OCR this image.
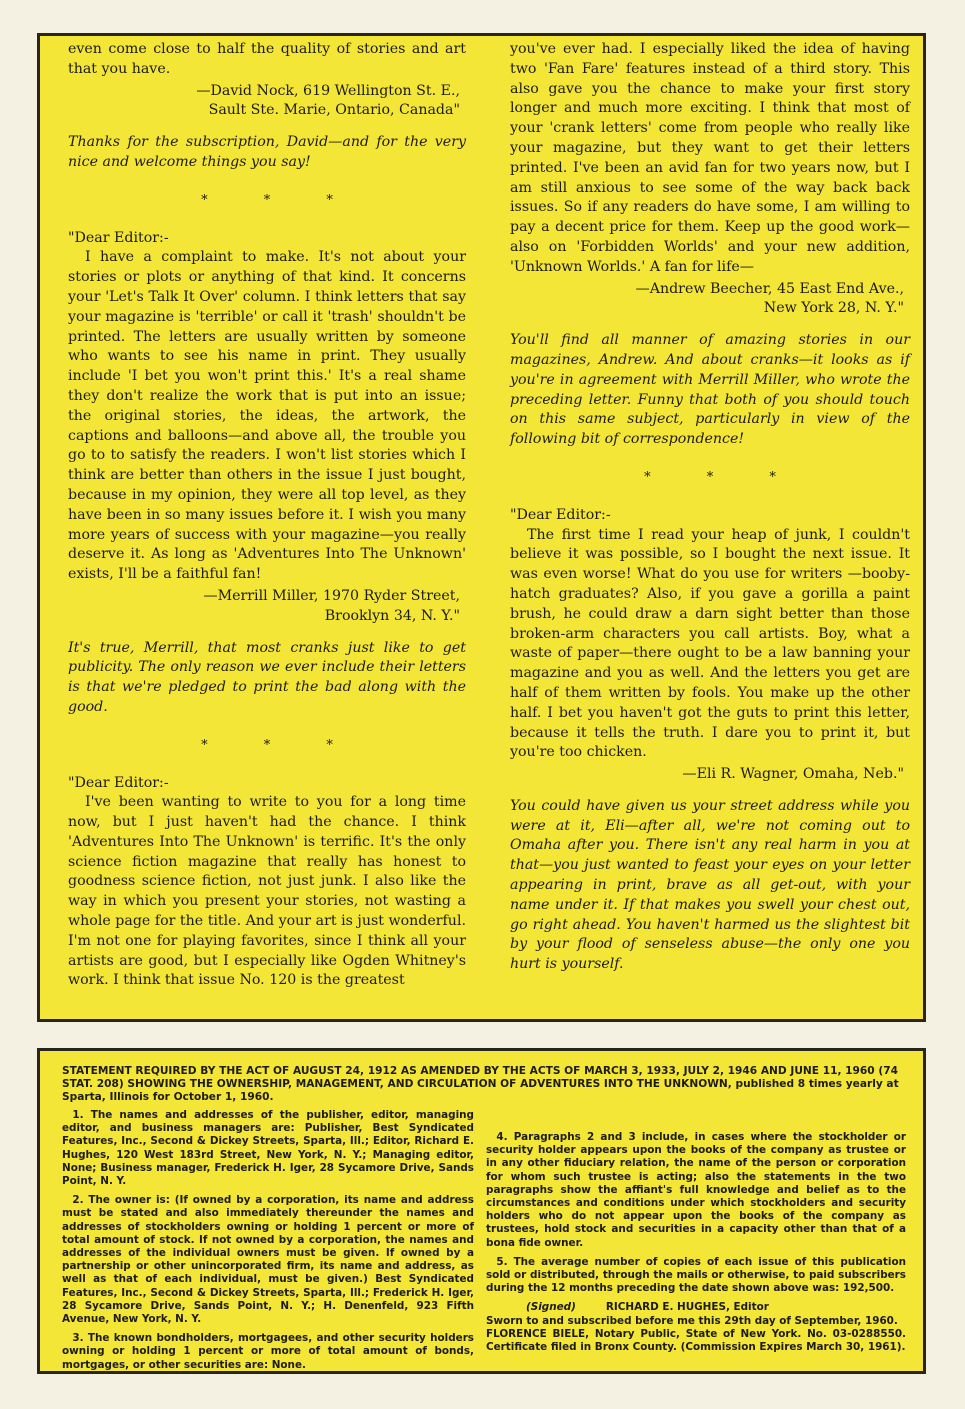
even come close to half the quality of stories and art that you have.

—David Nock, 619 Wellington St. E.,
Sault Ste. Marie, Ontario, Canada"

Thanks for the subscription, David—and for the very nice and welcome things you say!

* * *

"Dear Editor:-

I have a complaint to make. It's not about your stories or plots or anything of that kind. It concerns your 'Let's Talk It Over' column. I think letters that say your magazine is 'terrible' or call it 'trash' shouldn't be printed. The letters are usually written by someone who wants to see his name in print. They usually include 'I bet you won't print this.' It's a real shame they don't realize the work that is put into an issue; the original stories, the ideas, the artwork, the captions and balloons—and above all, the trouble you go to to satisfy the readers. I won't list stories which I think are better than others in the issue I just bought, because in my opinion, they were all top level, as they have been in so many issues before it. I wish you many more years of success with your magazine—you really deserve it. As long as 'Adventures Into The Unknown' exists, I'll be a faithful fan!

—Merrill Miller, 1970 Ryder Street,
Brooklyn 34, N. Y."

It's true, Merrill, that most cranks just like to get publicity. The only reason we ever include their letters is that we're pledged to print the bad along with the good.

* * *

"Dear Editor:-

I've been wanting to write to you for a long time now, but I just haven't had the chance. I think 'Adventures Into The Unknown' is terrific. It's the only science fiction magazine that really has honest to goodness science fiction, not just junk. I also like the way in which you present your stories, not wasting a whole page for the title. And your art is just wonderful. I'm not one for playing favorites, since I think all your artists are good, but I especially like Ogden Whitney's work. I think that issue No. 120 is the greatest

you've ever had. I especially liked the idea of having two 'Fan Fare' features instead of a third story. This also gave you the chance to make your first story longer and much more exciting. I think that most of your 'crank letters' come from people who really like your magazine, but they want to get their letters printed. I've been an avid fan for two years now, but I am still anxious to see some of the way back back issues. So if any readers do have some, I am willing to pay a decent price for them. Keep up the good work—also on 'Forbidden Worlds' and your new addition, 'Unknown Worlds.' A fan for life—

—Andrew Beecher, 45 East End Ave.,
New York 28, N. Y."

You'll find all manner of amazing stories in our magazines, Andrew. And about cranks—it looks as if you're in agreement with Merrill Miller, who wrote the preceding letter. Funny that both of you should touch on this same subject, particularly in view of the following bit of correspondence!

* * *

"Dear Editor:-

The first time I read your heap of junk, I couldn't believe it was possible, so I bought the next issue. It was even worse! What do you use for writers —booby-hatch graduates? Also, if you gave a gorilla a paint brush, he could draw a darn sight better than those broken-arm characters you call artists. Boy, what a waste of paper—there ought to be a law banning your magazine and you as well. And the letters you get are half of them written by fools. You make up the other half. I bet you haven't got the guts to print this letter, because it tells the truth. I dare you to print it, but you're too chicken.

—Eli R. Wagner, Omaha, Neb."

You could have given us your street address while you were at it, Eli—after all, we're not coming out to Omaha after you. There isn't any real harm in you at that—you just wanted to feast your eyes on your letter appearing in print, brave as all get-out, with your name under it. If that makes you swell your chest out, go right ahead. You haven't harmed us the slightest bit by your flood of senseless abuse—the only one you hurt is yourself.

STATEMENT REQUIRED BY THE ACT OF AUGUST 24, 1912 AS AMENDED BY THE ACTS OF MARCH 3, 1933, JULY 2, 1946 AND JUNE 11, 1960 (74 STAT. 208) SHOWING THE OWNERSHIP, MANAGEMENT, AND CIRCULATION OF ADVENTURES INTO THE UNKNOWN, published 8 times yearly at Sparta, Illinois for October 1, 1960.

1. The names and addresses of the publisher, editor, managing editor, and business managers are: Publisher, Best Syndicated Features, Inc., Second & Dickey Streets, Sparta, Ill.; Editor, Richard E. Hughes, 120 West 183rd Street, New York, N. Y.; Managing editor, None; Business manager, Frederick H. Iger, 28 Sycamore Drive, Sands Point, N. Y.

2. The owner is: (If owned by a corporation, its name and address must be stated and also immediately thereunder the names and addresses of stockholders owning or holding 1 percent or more of total amount of stock. If not owned by a corporation, the names and addresses of the individual owners must be given. If owned by a partnership or other unincorporated firm, its name and address, as well as that of each individual, must be given.) Best Syndicated Features, Inc., Second & Dickey Streets, Sparta, Ill.; Frederick H. Iger, 28 Sycamore Drive, Sands Point, N. Y.; H. Denenfeld, 923 Fifth Avenue, New York, N. Y.

3. The known bondholders, mortgagees, and other security holders owning or holding 1 percent or more of total amount of bonds, mortgages, or other securities are: None.

4. Paragraphs 2 and 3 include, in cases where the stockholder or security holder appears upon the books of the company as trustee or in any other fiduciary relation, the name of the person or corporation for whom such trustee is acting; also the statements in the two paragraphs show the affiant's full knowledge and belief as to the circumstances and conditions under which stockholders and security holders who do not appear upon the books of the company as trustees, hold stock and securities in a capacity other than that of a bona fide owner.

5. The average number of copies of each issue of this publication sold or distributed, through the mails or otherwise, to paid subscribers during the 12 months preceding the date shown above was: 192,500.

(Signed)	RICHARD E. HUGHES, Editor

Sworn to and subscribed before me this 29th day of September, 1960.

FLORENCE BIELE, Notary Public, State of New York. No. 03-0288550. Certificate filed in Bronx County. (Commission Expires March 30, 1961).
